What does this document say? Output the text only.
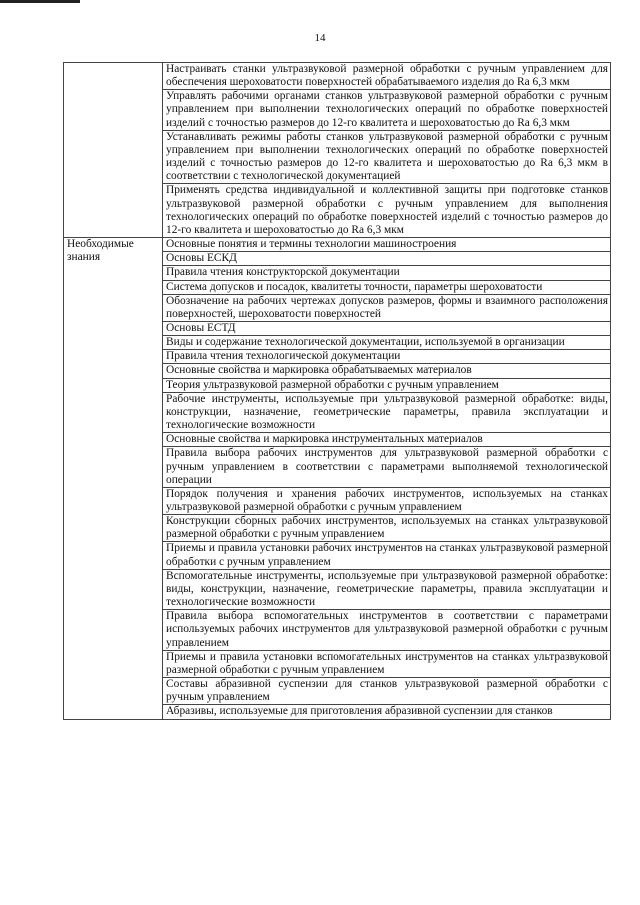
14
	Настраивать станки ультразвуковой размерной обработки с ручным управлением для обеспечения шероховатости поверхностей обрабатываемого изделия до Ra 6,3 мкм
	Управлять рабочими органами станков ультразвуковой размерной обработки с ручным управлением при выполнении технологических операций по обработке поверхностей изделий с точностью размеров до 12-го квалитета и шероховатостью до Ra 6,3 мкм
	Устанавливать режимы работы станков ультразвуковой размерной обработки с ручным управлением при выполнении технологических операций по обработке поверхностей изделий с точностью размеров до 12-го квалитета и шероховатостью до Ra 6,3 мкм в соответствии с технологической документацией
	Применять средства индивидуальной и коллективной защиты при подготовке станков ультразвуковой размерной обработки с ручным управлением для выполнения технологических операций по обработке поверхностей изделий с точностью размеров до 12-го квалитета и шероховатостью до Ra 6,3 мкм
Необходимые знания	Основные понятия и термины технологии машиностроения
	Основы ЕСКД
	Правила чтения конструкторской документации
	Система допусков и посадок, квалитеты точности, параметры шероховатости
	Обозначение на рабочих чертежах допусков размеров, формы и взаимного расположения поверхностей, шероховатости поверхностей
	Основы ЕСТД
	Виды и содержание технологической документации, используемой в организации
	Правила чтения технологической документации
	Основные свойства и маркировка обрабатываемых материалов
	Теория ультразвуковой размерной обработки с ручным управлением
	Рабочие инструменты, используемые при ультразвуковой размерной обработке: виды, конструкции, назначение, геометрические параметры, правила эксплуатации и технологические возможности
	Основные свойства и маркировка инструментальных материалов
	Правила выбора рабочих инструментов для ультразвуковой размерной обработки с ручным управлением в соответствии с параметрами выполняемой технологической операции
	Порядок получения и хранения рабочих инструментов, используемых на станках ультразвуковой размерной обработки с ручным управлением
	Конструкции сборных рабочих инструментов, используемых на станках ультразвуковой размерной обработки с ручным управлением
	Приемы и правила установки рабочих инструментов на станках ультразвуковой размерной обработки с ручным управлением
	Вспомогательные инструменты, используемые при ультразвуковой размерной обработке: виды, конструкции, назначение, геометрические параметры, правила эксплуатации и технологические возможности
	Правила выбора вспомогательных инструментов в соответствии с параметрами используемых рабочих инструментов для ультразвуковой размерной обработки с ручным управлением
	Приемы и правила установки вспомогательных инструментов на станках ультразвуковой размерной обработки с ручным управлением
	Составы абразивной суспензии для станков ультразвуковой размерной обработки с ручным управлением
	Абразивы, используемые для приготовления абразивной суспензии для станков
